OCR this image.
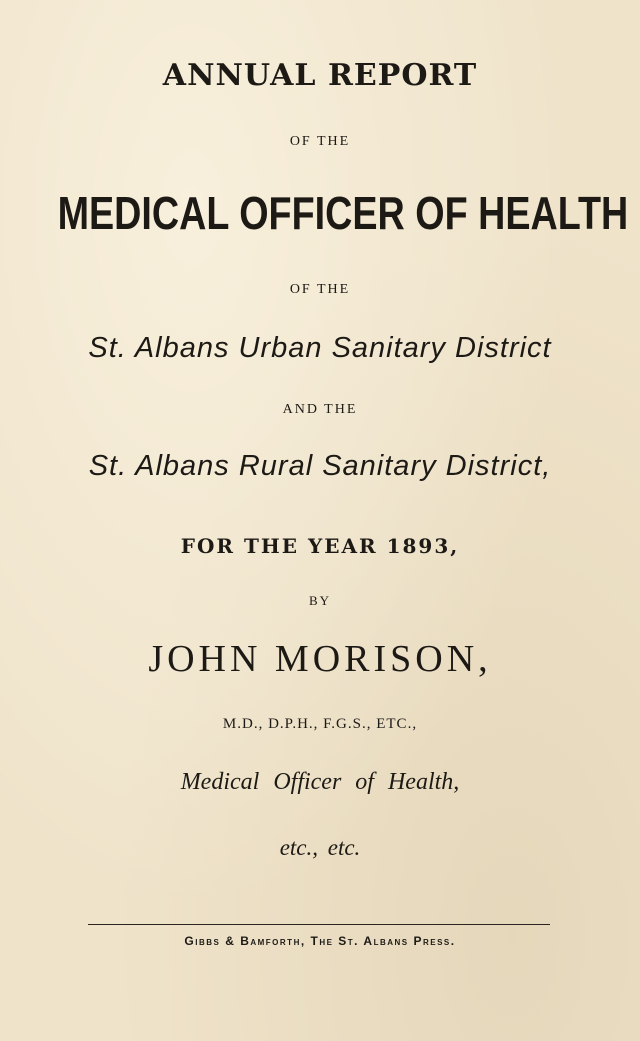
ANNUAL REPORT
OF THE
MEDICAL OFFICER OF HEALTH
OF THE
St. Albans Urban Sanitary District
AND THE
St. Albans Rural Sanitary District,
FOR THE YEAR 1893,
BY
JOHN MORISON,
M.D., D.P.H., F.G.S., ETC.,
Medical Officer of Health,
etc., etc.
Gibbs & Bamforth, The St. Albans Press.
